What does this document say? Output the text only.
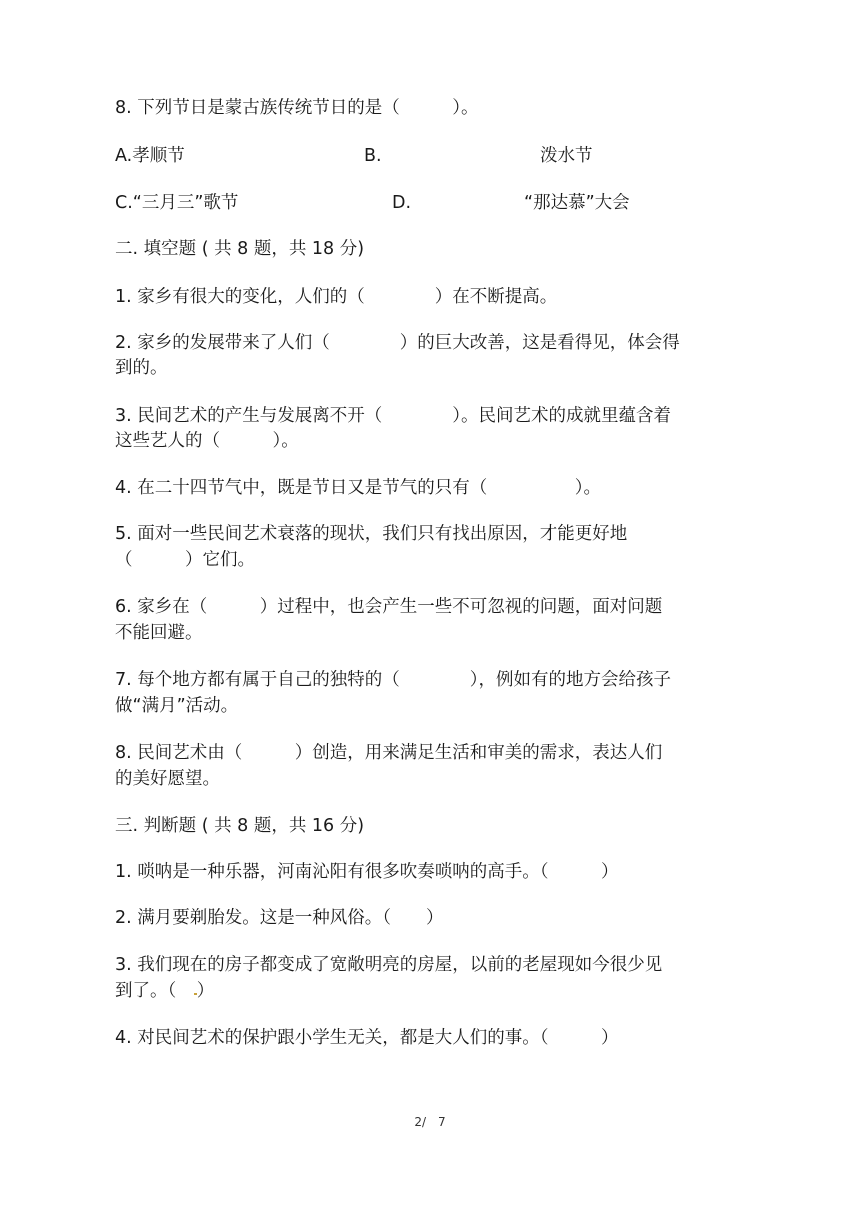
8. 下列节日是蒙古族传统节日的是（　　　）。
A.孝顺节	B.	泼水节
C.“三月三”歌节	D.	“那达慕”大会
二. 填空题 ( 共 8 题，共 18 分)
1. 家乡有很大的变化，人们的（　　　　）在不断提高。
2. 家乡的发展带来了人们（　　　　）的巨大改善，这是看得见，体会得
到的。
3. 民间艺术的产生与发展离不开（　　　　）。民间艺术的成就里蕴含着
这些艺人的（　　　）。
4. 在二十四节气中，既是节日又是节气的只有（　　　　　）。
5. 面对一些民间艺术衰落的现状，我们只有找出原因，才能更好地
（　　　）它们。
6. 家乡在（　　　）过程中，也会产生一些不可忽视的问题，面对问题
不能回避。
7. 每个地方都有属于自己的独特的（　　　　），例如有的地方会给孩子
做“满月”活动。
8. 民间艺术由（　　　）创造，用来满足生活和审美的需求，表达人们
的美好愿望。
三. 判断题 ( 共 8 题，共 16 分)
1. 唢呐是一种乐器，河南沁阳有很多吹奏唢呐的高手。（　　　）
2. 满月要剃胎发。这是一种风俗。（　　）
3. 我们现在的房子都变成了宽敞明亮的房屋，以前的老屋现如今很少见
到了。（　）
4. 对民间艺术的保护跟小学生无关，都是大人们的事。（　　　）
2/　7
